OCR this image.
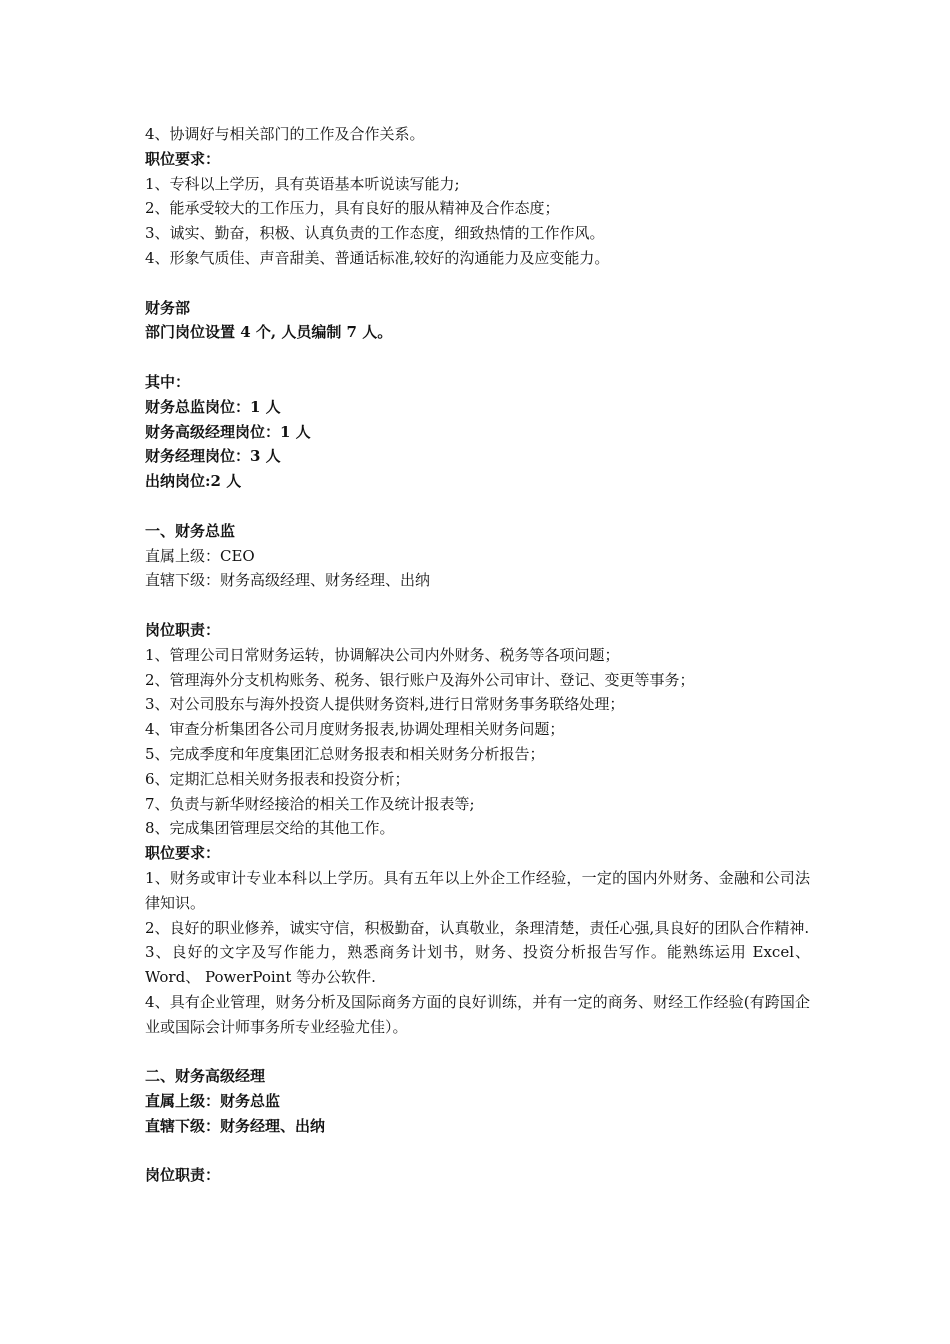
4、协调好与相关部门的工作及合作关系。
职位要求：
1、专科以上学历，具有英语基本听说读写能力;
2、能承受较大的工作压力，具有良好的服从精神及合作态度；
3、诚实、勤奋，积极、认真负责的工作态度，细致热情的工作作风。
4、形象气质佳、声音甜美、普通话标准,较好的沟通能力及应变能力。
财务部
部门岗位设置 4 个, 人员编制 7 人。
其中：
财务总监岗位：1 人
财务高级经理岗位：1 人
财务经理岗位：3 人
出纳岗位:2 人
一、财务总监
直属上级：CEO
直辖下级：财务高级经理、财务经理、出纳
岗位职责：
1、管理公司日常财务运转，协调解决公司内外财务、税务等各项问题；
2、管理海外分支机构账务、税务、银行账户及海外公司审计、登记、变更等事务；
3、对公司股东与海外投资人提供财务资料,进行日常财务事务联络处理；
4、审查分析集团各公司月度财务报表,协调处理相关财务问题；
5、完成季度和年度集团汇总财务报表和相关财务分析报告；
6、定期汇总相关财务报表和投资分析；
7、负责与新华财经接洽的相关工作及统计报表等;
8、完成集团管理层交给的其他工作。
职位要求：
1、财务或审计专业本科以上学历。具有五年以上外企工作经验，一定的国内外财务、金融和公司法律知识。
2、良好的职业修养，诚实守信，积极勤奋，认真敬业，条理清楚，责任心强,具良好的团队合作精神.
3、良好的文字及写作能力，熟悉商务计划书，财务、投资分析报告写作。能熟练运用 Excel、Word、 PowerPoint 等办公软件.
4、具有企业管理，财务分析及国际商务方面的良好训练，并有一定的商务、财经工作经验(有跨国企业或国际会计师事务所专业经验尤佳）。
二、财务高级经理
直属上级：财务总监
直辖下级：财务经理、出纳
岗位职责：
